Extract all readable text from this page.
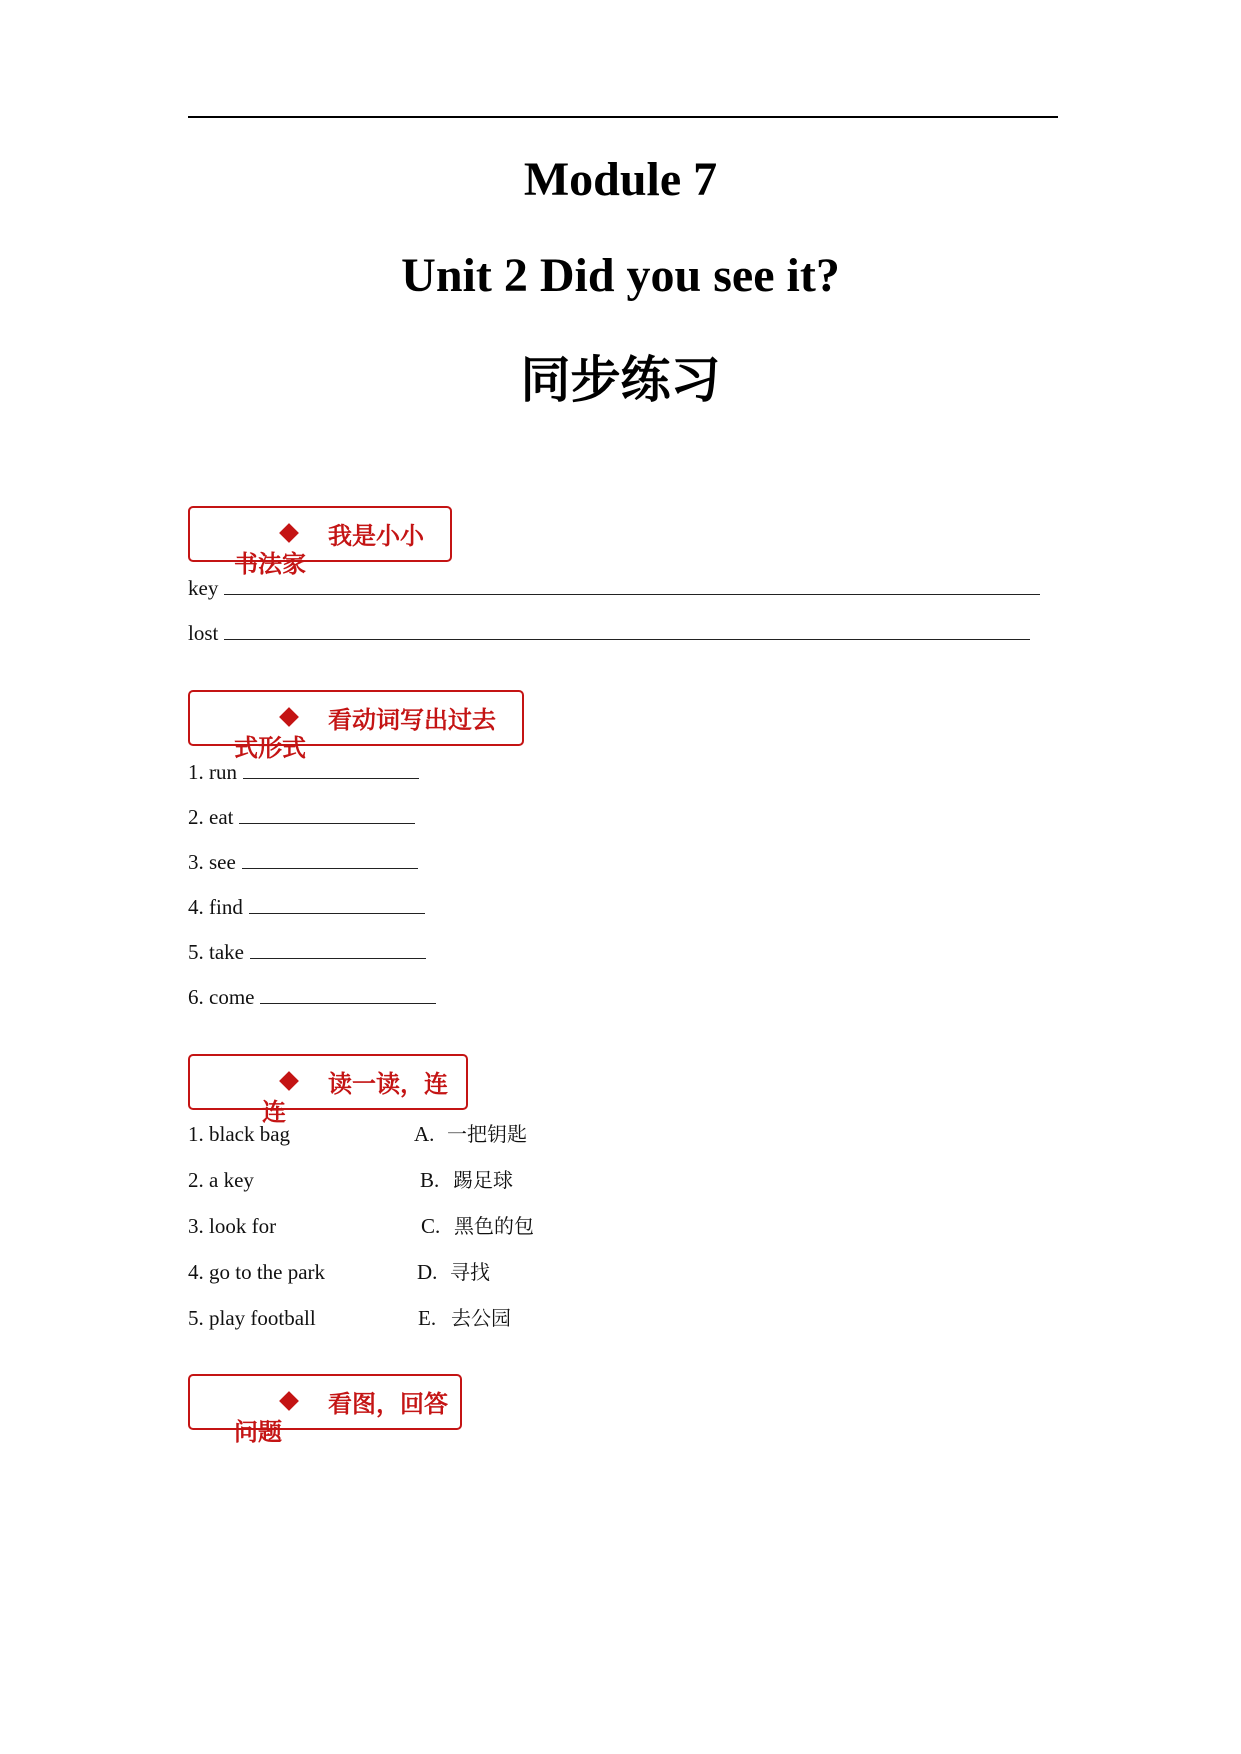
Module 7
Unit 2 Did you see it?
同步练习
我是小小
书法家
key
lost
看动词写出过去
式形式
1. run
2. eat
3. see
4. find
5. take
6. come
读一读，连
连
1. black bag
2. a key
3. look for
4. go to the park
5. play football
A. 一把钥匙
B. 踢足球
C. 黑色的包
D. 寻找
E. 去公园
看图，回答
问题
